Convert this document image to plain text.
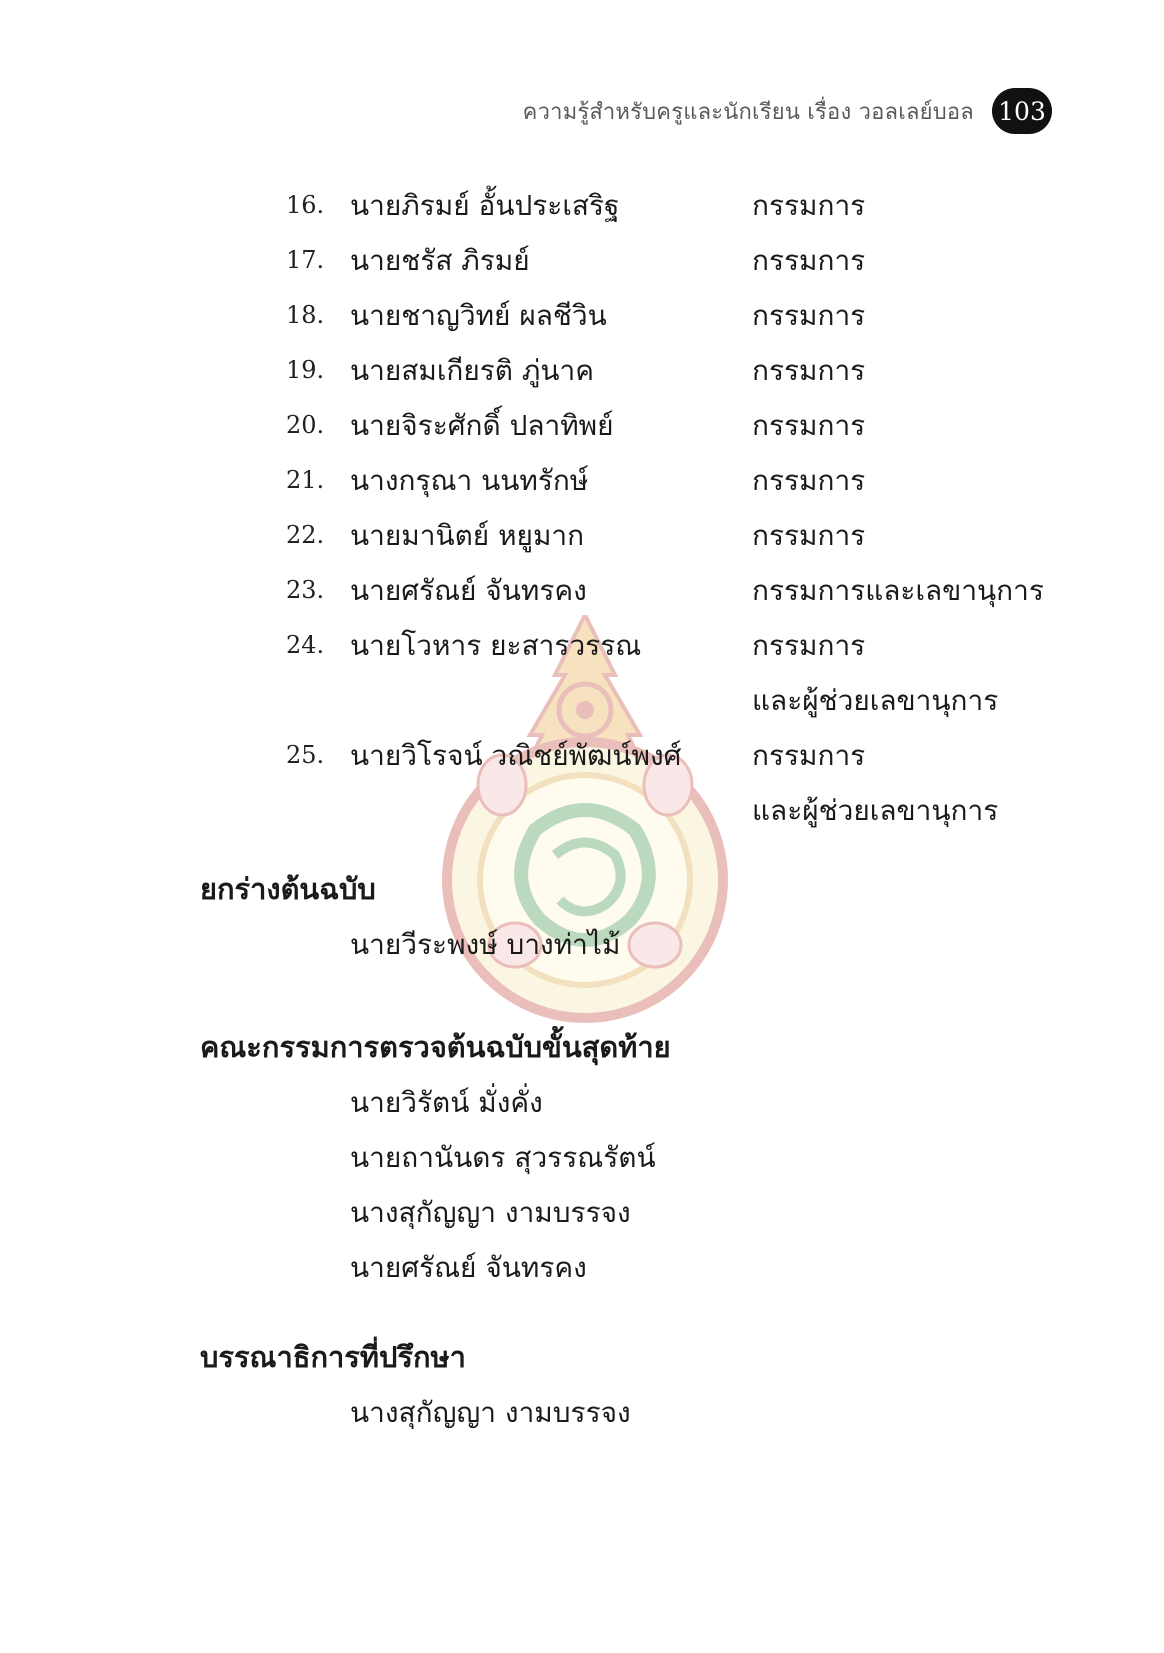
ความรู้สำหรับครูและนักเรียน เรื่อง วอลเลย์บอล 103
16. นายภิรมย์ อั้นประเสริฐ	กรรมการ
17. นายชรัส ภิรมย์	กรรมการ
18. นายชาญวิทย์ ผลชีวิน	กรรมการ
19. นายสมเกียรติ ภู่นาค	กรรมการ
20. นายจิระศักดิ์ ปลาทิพย์	กรรมการ
21. นางกรุณา นนทรักษ์	กรรมการ
22. นายมานิตย์ หยูมาก	กรรมการ
23. นายศรัณย์ จันทรคง	กรรมการและเลขานุการ
24. นายโวหาร ยะสารวรรณ	กรรมการ
และผู้ช่วยเลขานุการ
25. นายวิโรจน์ วณิชย์พัฒน์พงศ์	กรรมการ
และผู้ช่วยเลขานุการ
ยกร่างต้นฉบับ
นายวีระพงษ์ บางท่าไม้
คณะกรรมการตรวจต้นฉบับขั้นสุดท้าย
นายวิรัตน์ มั่งคั่ง
นายถานันดร สุวรรณรัตน์
นางสุกัญญา งามบรรจง
นายศรัณย์ จันทรคง
บรรณาธิการที่ปรึกษา
นางสุกัญญา งามบรรจง
